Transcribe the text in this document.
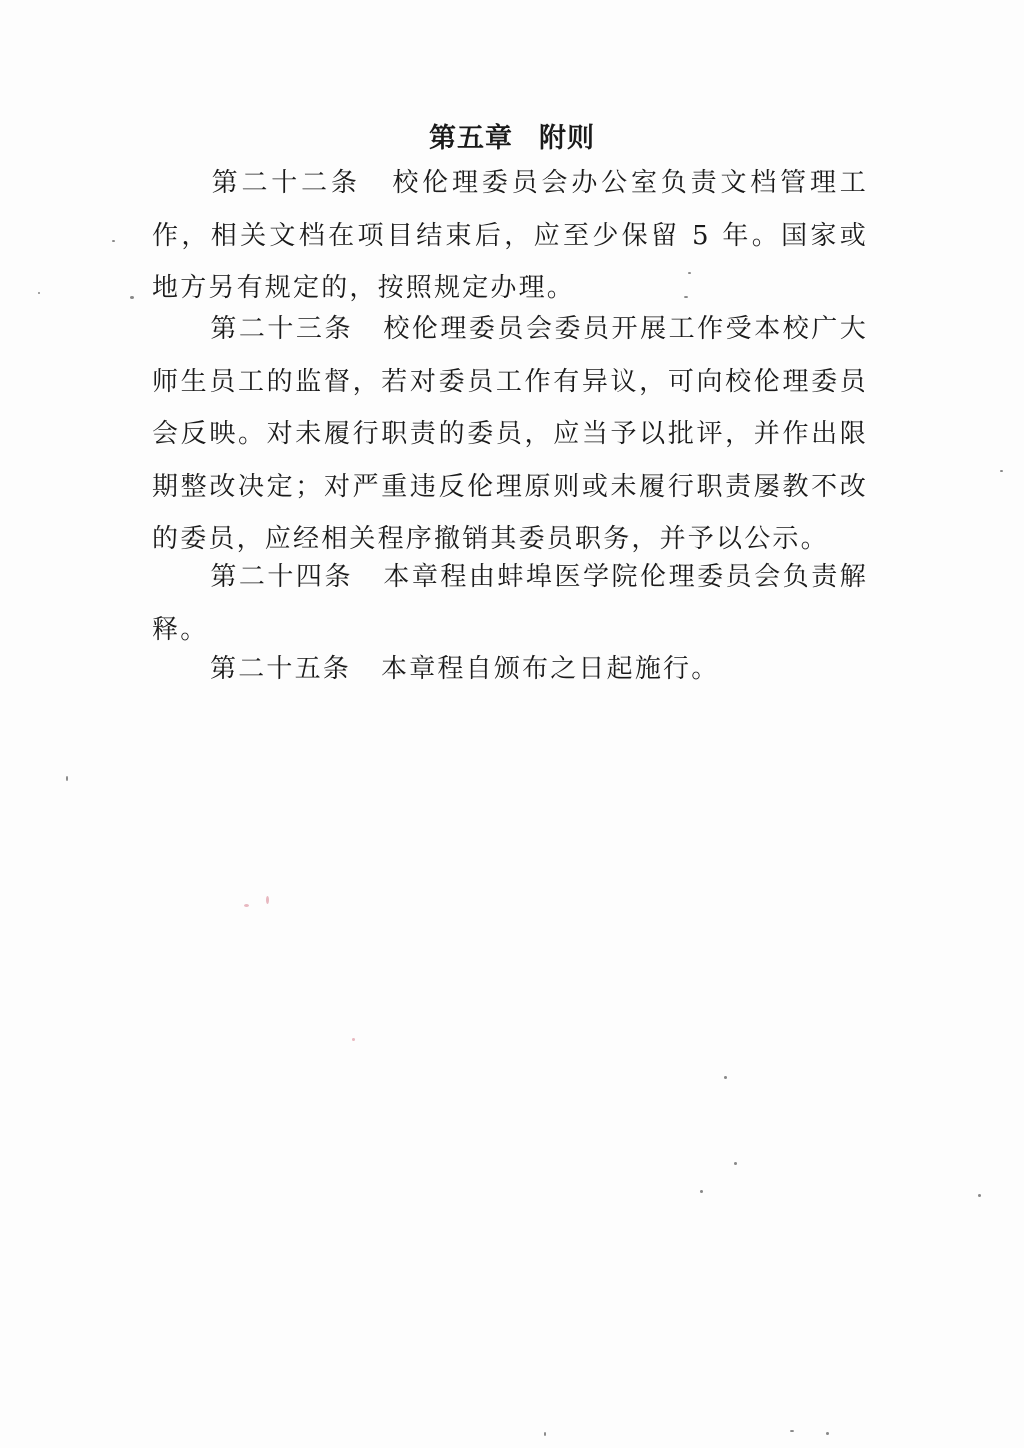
第五章 附则
第二十二条 校伦理委员会办公室负责文档管理工作，相关文档在项目结束后，应至少保留 5 年。国家或地方另有规定的，按照规定办理。
第二十三条 校伦理委员会委员开展工作受本校广大师生员工的监督，若对委员工作有异议，可向校伦理委员会反映。对未履行职责的委员，应当予以批评，并作出限期整改决定；对严重违反伦理原则或未履行职责屡教不改的委员，应经相关程序撤销其委员职务，并予以公示。
第二十四条 本章程由蚌埠医学院伦理委员会负责解释。
第二十五条 本章程自颁布之日起施行。
